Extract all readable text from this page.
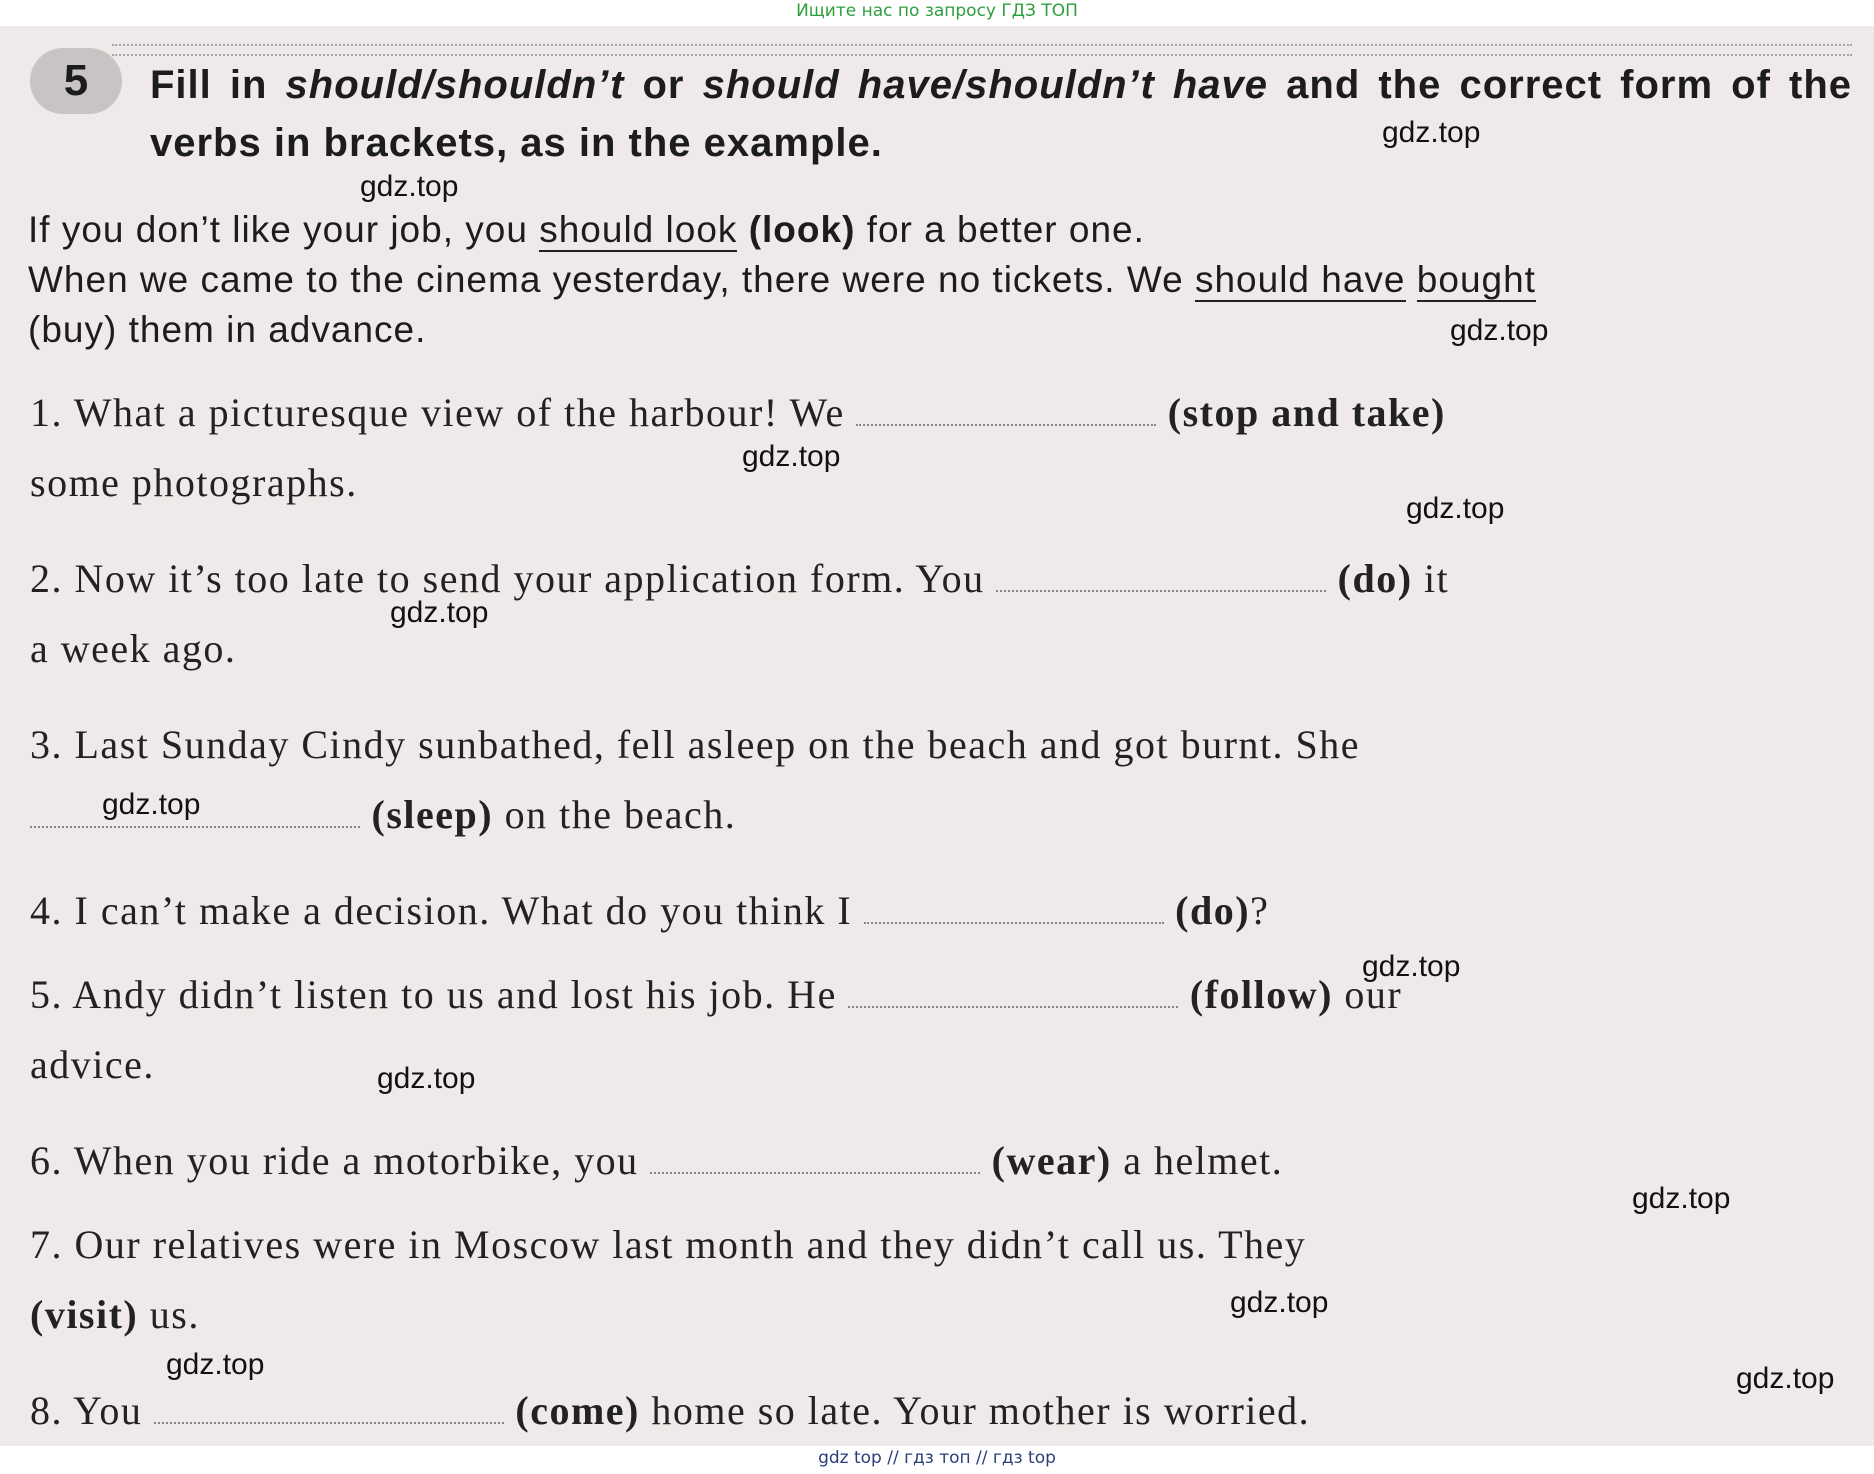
Ищите нас по запросу ГДЗ ТОП
5	Fill in should/shouldn’t or should have/shouldn’t have and the correct form of the verbs in brackets, as in the example.
If you don’t like your job, you should look (look) for a better one.
When we came to the cinema yesterday, there were no tickets. We should have bought
(buy) them in advance.
1. What a picturesque view of the harbour! We	(stop and take)
some photographs.
2. Now it’s too late to send your application form. You	(do) it
a week ago.
3. Last Sunday Cindy sunbathed, fell asleep on the beach and got burnt. She
(sleep) on the beach.
4. I can’t make a decision. What do you think I	(do)?
5. Andy didn’t listen to us and lost his job. He	(follow) our
advice.
6. When you ride a motorbike, you	(wear) a helmet.
7. Our relatives were in Moscow last month and they didn’t call us. They
(visit) us.
8. You	(come) home so late. Your mother is worried.
gdz.top
gdz.top
gdz.top
gdz.top
gdz.top
gdz.top
gdz.top
gdz.top
gdz.top
gdz.top
gdz.top
gdz.top	gdz.top
gdz top // гдз топ // гдз top
